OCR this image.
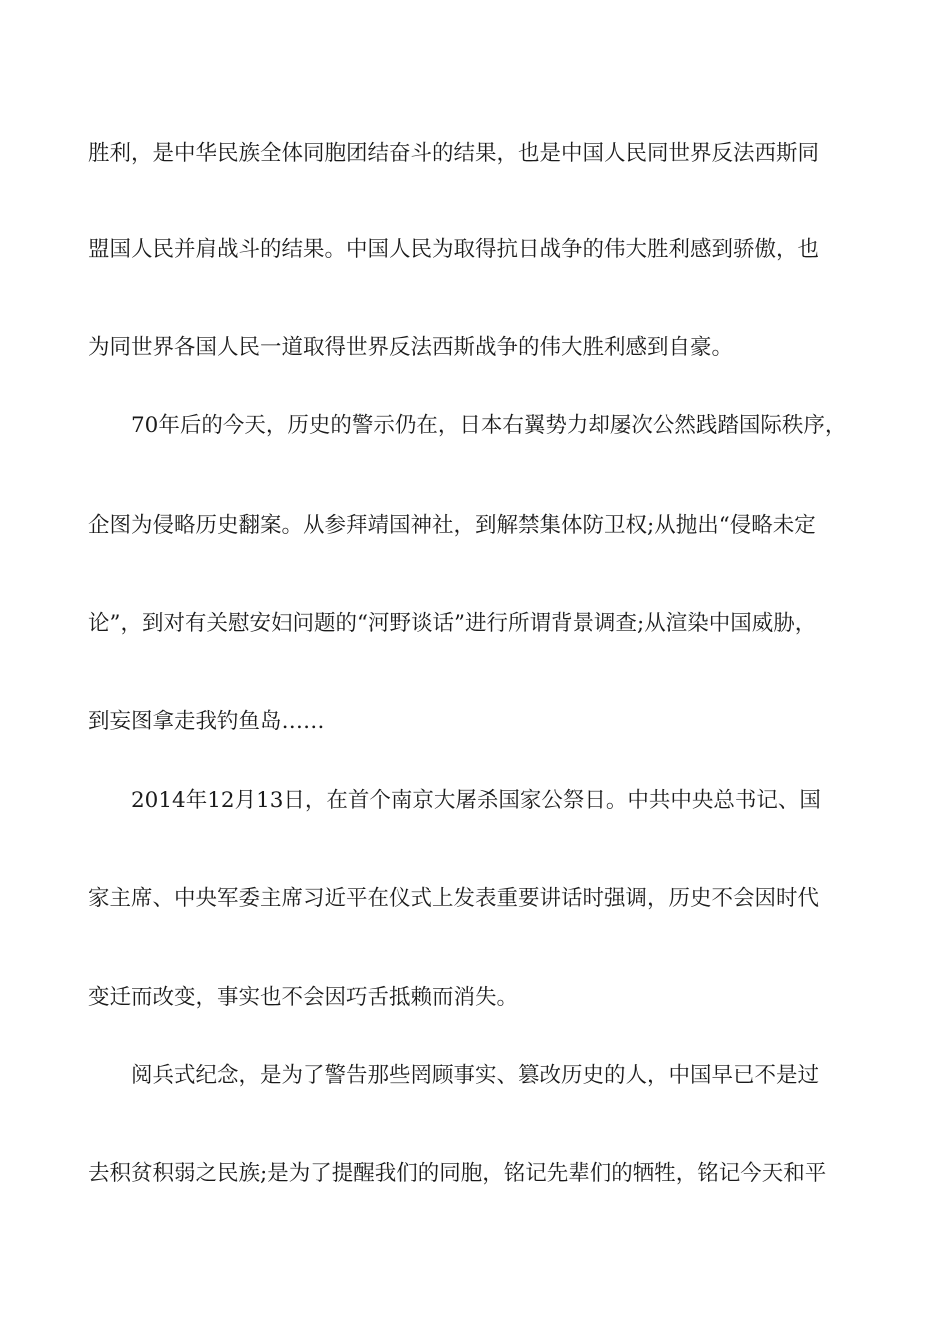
胜利，是中华民族全体同胞团结奋斗的结果，也是中国人民同世界反法西斯同
盟国人民并肩战斗的结果。中国人民为取得抗日战争的伟大胜利感到骄傲，也
为同世界各国人民一道取得世界反法西斯战争的伟大胜利感到自豪。
70年后的今天，历史的警示仍在，日本右翼势力却屡次公然践踏国际秩序，
企图为侵略历史翻案。从参拜靖国神社，到解禁集体防卫权;从抛出“侵略未定
论”，到对有关慰安妇问题的“河野谈话”进行所谓背景调查;从渲染中国威胁，
到妄图拿走我钓鱼岛……
2014年12月13日，在首个南京大屠杀国家公祭日。中共中央总书记、国
家主席、中央军委主席习近平在仪式上发表重要讲话时强调，历史不会因时代
变迁而改变，事实也不会因巧舌抵赖而消失。
阅兵式纪念，是为了警告那些罔顾事实、篡改历史的人，中国早已不是过
去积贫积弱之民族;是为了提醒我们的同胞，铭记先辈们的牺牲，铭记今天和平
